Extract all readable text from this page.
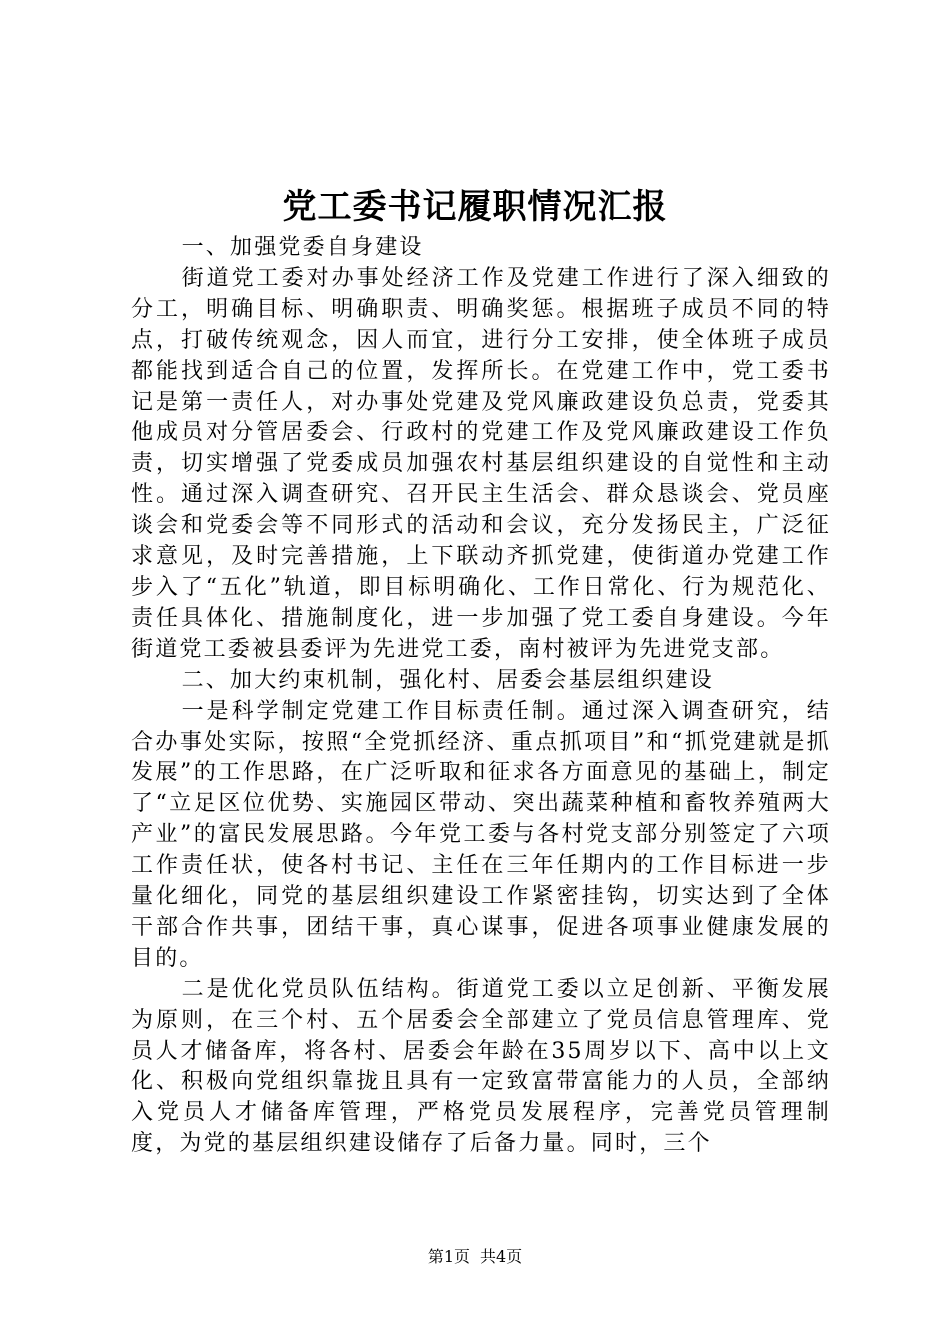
党工委书记履职情况汇报

一、加强党委自身建设

街道党工委对办事处经济工作及党建工作进行了深入细致的分工，明确目标、明确职责、明确奖惩。根据班子成员不同的特点，打破传统观念，因人而宜，进行分工安排，使全体班子成员都能找到适合自己的位置，发挥所长。在党建工作中，党工委书记是第一责任人，对办事处党建及党风廉政建设负总责，党委其他成员对分管居委会、行政村的党建工作及党风廉政建设工作负责，切实增强了党委成员加强农村基层组织建设的自觉性和主动性。通过深入调查研究、召开民主生活会、群众恳谈会、党员座谈会和党委会等不同形式的活动和会议，充分发扬民主，广泛征求意见，及时完善措施，上下联动齐抓党建，使街道办党建工作步入了“五化”轨道，即目标明确化、工作日常化、行为规范化、责任具体化、措施制度化，进一步加强了党工委自身建设。今年街道党工委被县委评为先进党工委，南村被评为先进党支部。

二、加大约束机制，强化村、居委会基层组织建设

一是科学制定党建工作目标责任制。通过深入调查研究，结合办事处实际，按照“全党抓经济、重点抓项目”和“抓党建就是抓发展”的工作思路，在广泛听取和征求各方面意见的基础上，制定了“立足区位优势、实施园区带动、突出蔬菜种植和畜牧养殖两大产业”的富民发展思路。今年党工委与各村党支部分别签定了六项工作责任状，使各村书记、主任在三年任期内的工作目标进一步量化细化，同党的基层组织建设工作紧密挂钩，切实达到了全体干部合作共事，团结干事，真心谋事，促进各项事业健康发展的目的。

二是优化党员队伍结构。街道党工委以立足创新、平衡发展为原则，在三个村、五个居委会全部建立了党员信息管理库、党员人才储备库，将各村、居委会年龄在35周岁以下、高中以上文化、积极向党组织靠拢且具有一定致富带富能力的人员，全部纳入党员人才储备库管理，严格党员发展程序，完善党员管理制度，为党的基层组织建设储存了后备力量。同时，三个

第1页 共4页
